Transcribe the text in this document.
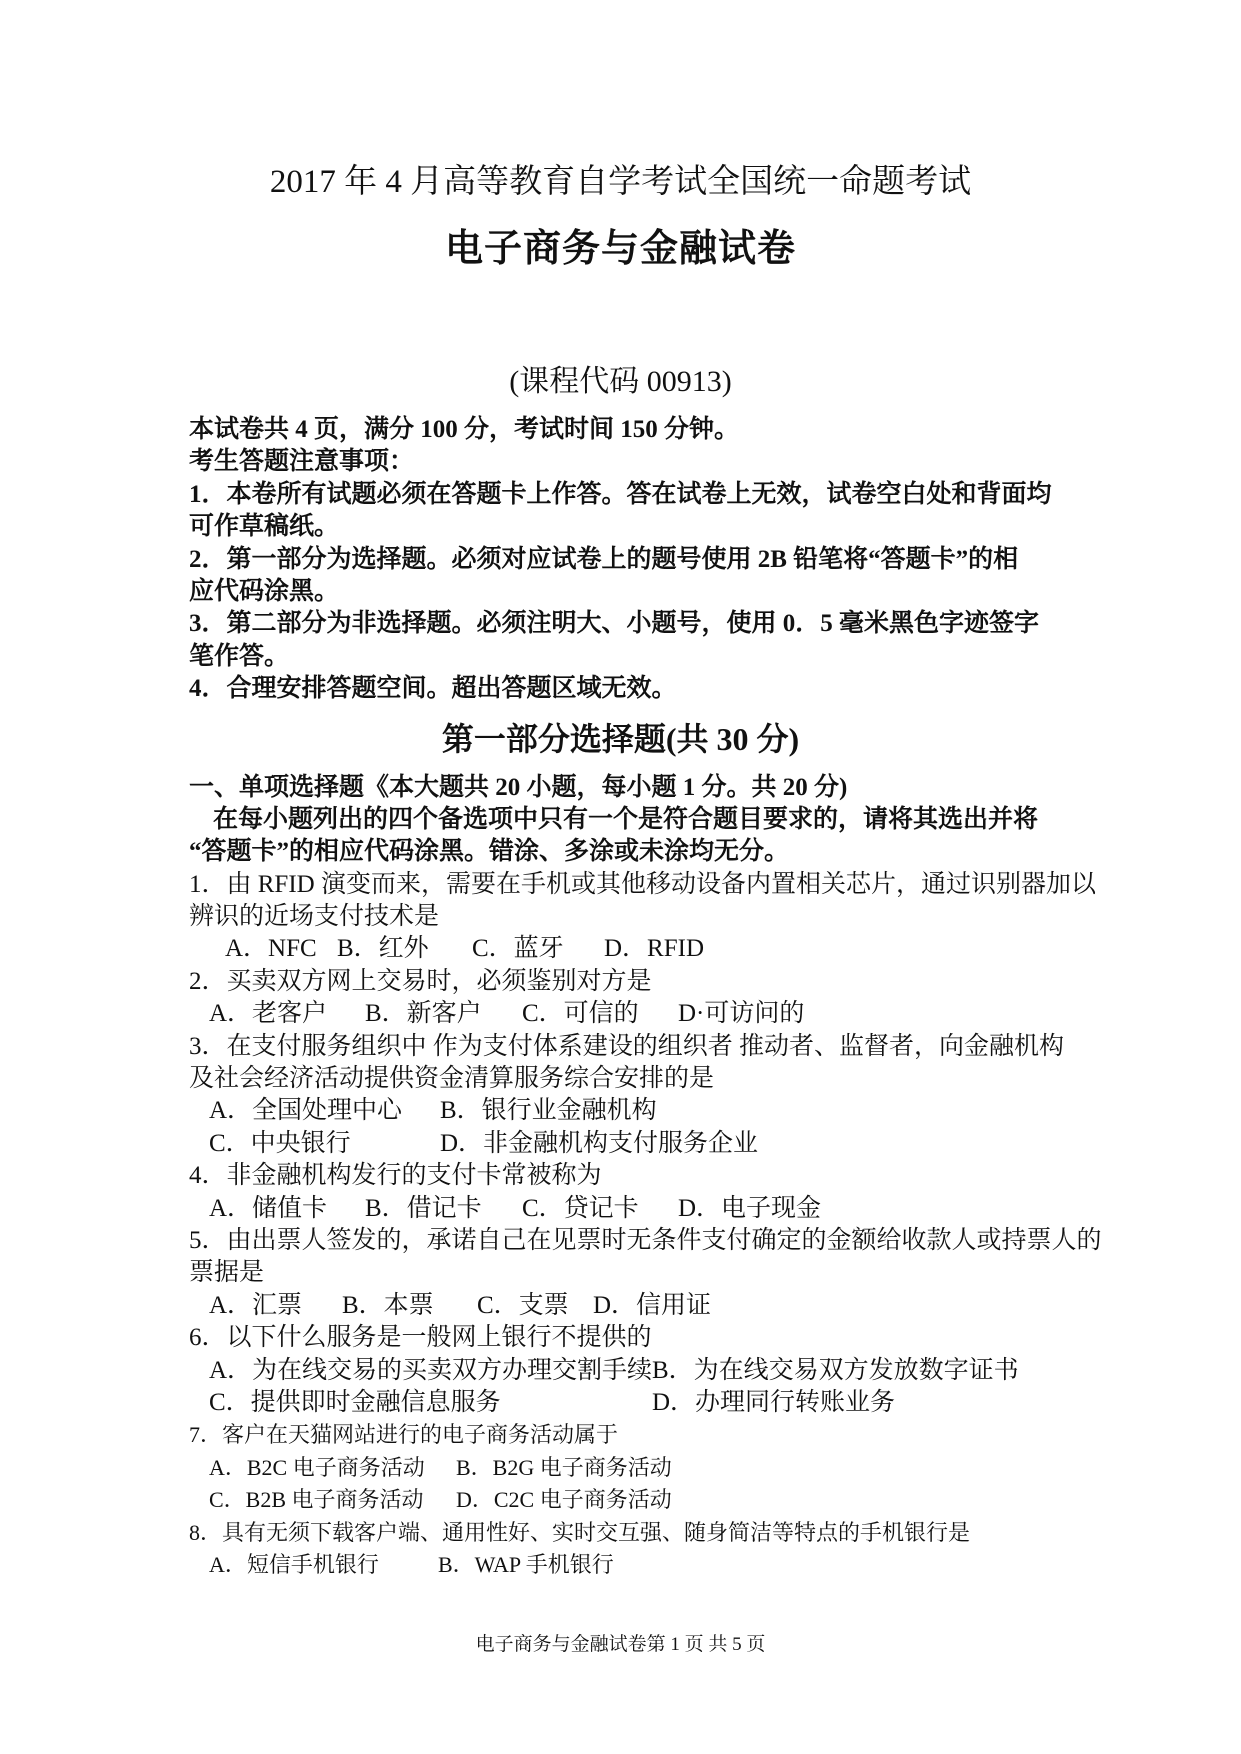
2017 年 4 月高等教育自学考试全国统一命题考试
电子商务与金融试卷
(课程代码 00913)
本试卷共 4 页，满分 100 分，考试时间 150 分钟。
考生答题注意事项：
1．本卷所有试题必须在答题卡上作答。答在试卷上无效，试卷空白处和背面均
可作草稿纸。
2．第一部分为选择题。必须对应试卷上的题号使用 2B 铅笔将“答题卡”的相
应代码涂黑。
3．第二部分为非选择题。必须注明大、小题号，使用 0．5 毫米黑色字迹签字
笔作答。
4．合理安排答题空间。超出答题区域无效。
第一部分选择题(共 30 分)
一、单项选择题《本大题共 20 小题，每小题 1 分。共 20 分)
在每小题列出的四个备选项中只有一个是符合题目要求的，请将其选出并将
“答题卡”的相应代码涂黑。错涂、多涂或未涂均无分。
1．由 RFID 演变而来，需要在手机或其他移动设备内置相关芯片，通过识别器加以
辨识的近场支付技术是
A．NFC B．红外	C．蓝牙	D．RFID
2．买卖双方网上交易时，必须鉴别对方是
A．老客户	B．新客户	C．可信的	D·可访问的
3．在支付服务组织中 作为支付体系建设的组织者 推动者、监督者，向金融机构
及社会经济活动提供资金清算服务综合安排的是
A．全国处理中心	B．银行业金融机构
C．中央银行	D．非金融机构支付服务企业
4．非金融机构发行的支付卡常被称为
A．储值卡	B．借记卡	C．贷记卡	D．电子现金
5．由出票人签发的，承诺自己在见票时无条件支付确定的金额给收款人或持票人的
票据是
A．汇票	B．本票	C．支票 D．信用证
6．以下什么服务是一般网上银行不提供的
A．为在线交易的买卖双方办理交割手续 B．为在线交易双方发放数字证书
C．提供即时金融信息服务	D．办理同行转账业务
7．客户在天猫网站进行的电子商务活动属于
A．B2C 电子商务活动	B．B2G 电子商务活动
C．B2B 电子商务活动	D．C2C 电子商务活动
8．具有无须下载客户端、通用性好、实时交互强、随身简洁等特点的手机银行是
A．短信手机银行	B．WAP 手机银行
电子商务与金融试卷第 1 页 共 5 页
